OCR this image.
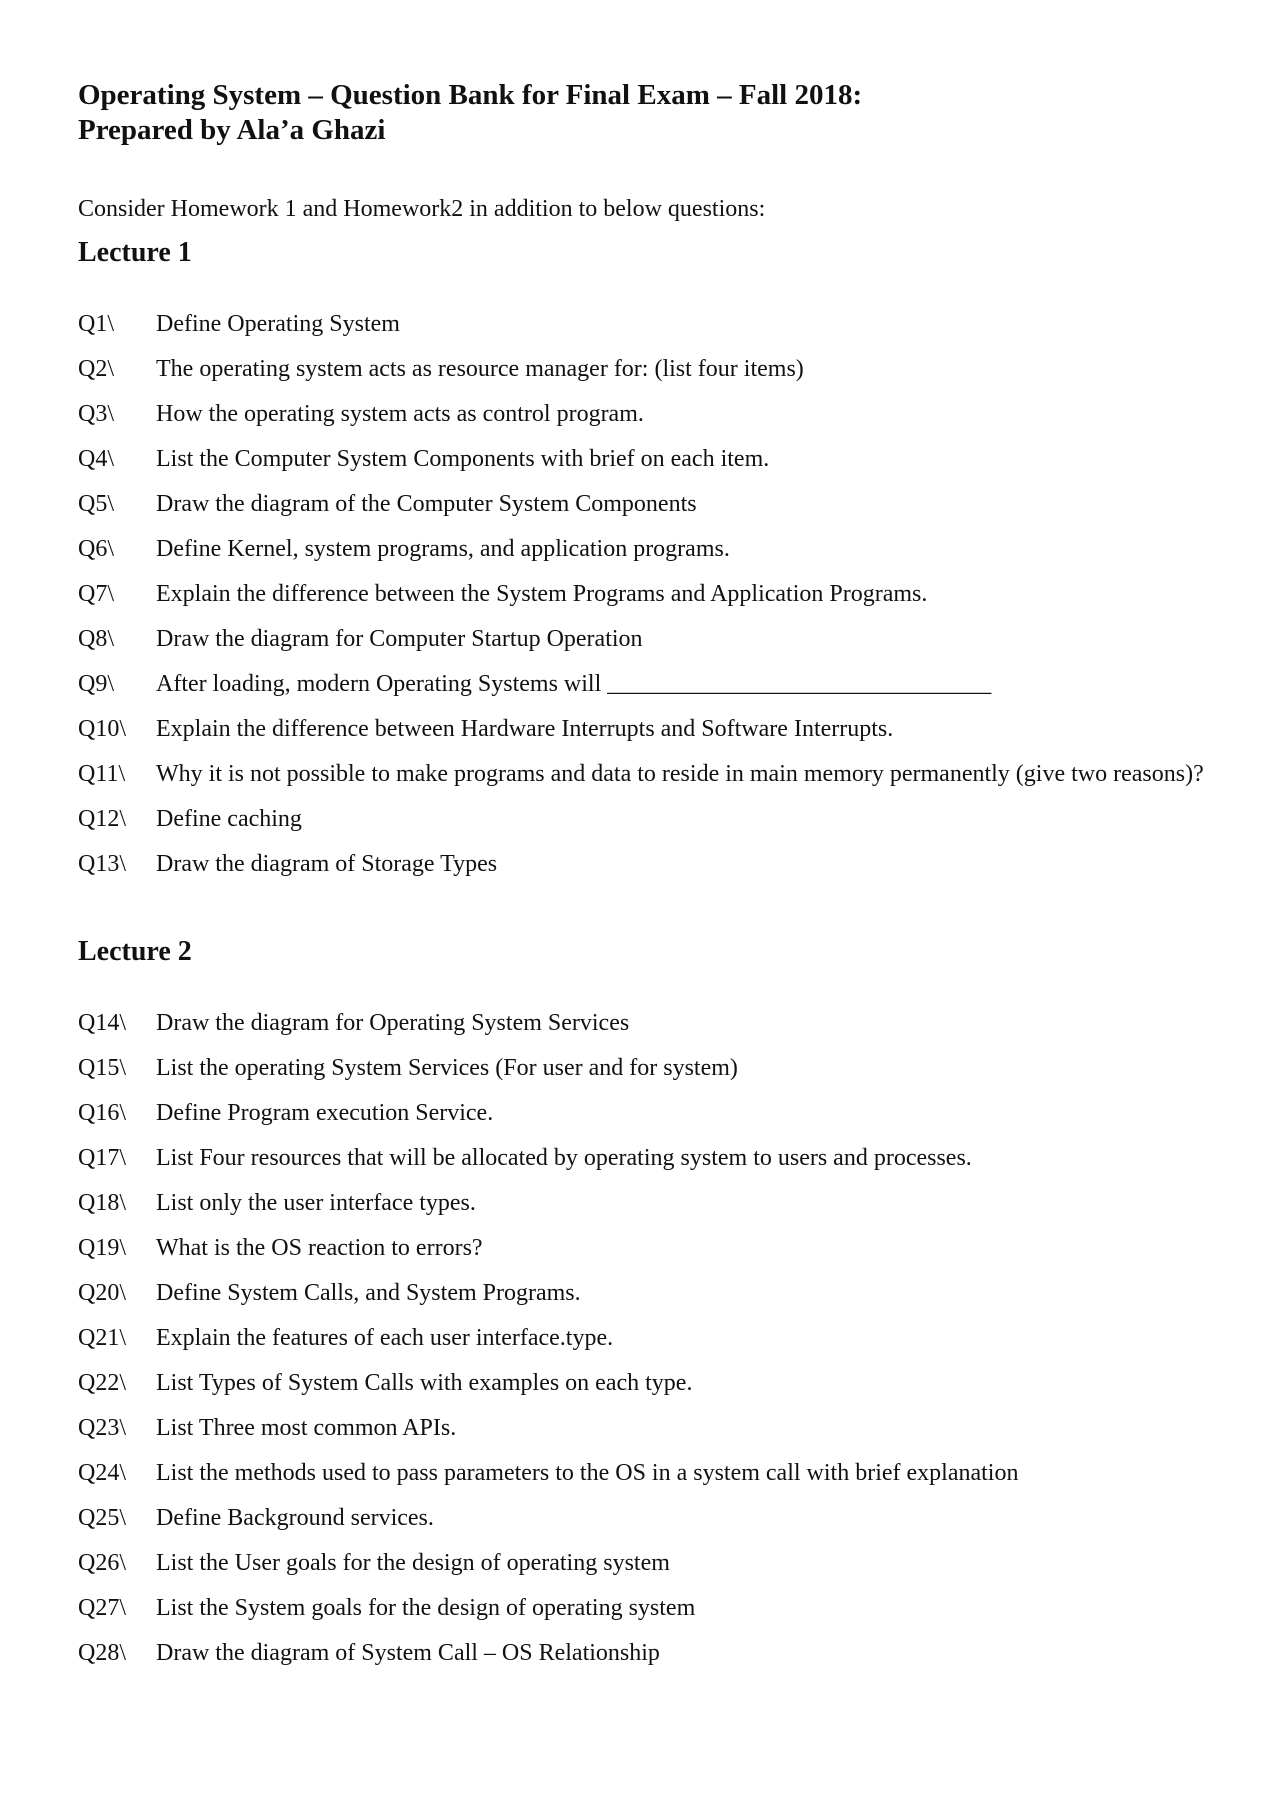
Operating System – Question Bank for Final Exam – Fall 2018:
Prepared by Ala’a Ghazi

Consider Homework 1 and Homework2 in addition to below questions:

Lecture 1
Q1\	Define Operating System
Q2\	The operating system acts as resource manager for: (list four items)
Q3\	How the operating system acts as control program.
Q4\	List the Computer System Components with brief on each item.
Q5\	Draw the diagram of the Computer System Components
Q6\	Define Kernel, system programs, and application programs.
Q7\	Explain the difference between the System Programs and Application Programs.
Q8\	Draw the diagram for Computer Startup Operation
Q9\	After loading, modern Operating Systems will ________________________________
Q10\	Explain the difference between Hardware Interrupts and Software Interrupts.
Q11\	Why it is not possible to make programs and data to reside in main memory permanently (give two reasons)?
Q12\	Define caching
Q13\	Draw the diagram of Storage Types
Lecture 2
Q14\	Draw the diagram for Operating System Services
Q15\	List the operating System Services (For user and for system)
Q16\	Define Program execution Service.
Q17\	List Four resources that will be allocated by operating system to users and processes.
Q18\	List only the user interface types.
Q19\	What is the OS reaction to errors?
Q20\	Define System Calls, and System Programs.
Q21\	Explain the features of each user interface.type.
Q22\	List Types of System Calls with examples on each type.
Q23\	List Three most common APIs.
Q24\	List the methods used to pass parameters to the OS in a system call with brief explanation
Q25\	Define Background services.
Q26\	List the User goals for the design of operating system
Q27\	List the System goals for the design of operating system
Q28\	Draw the diagram of System Call – OS Relationship
